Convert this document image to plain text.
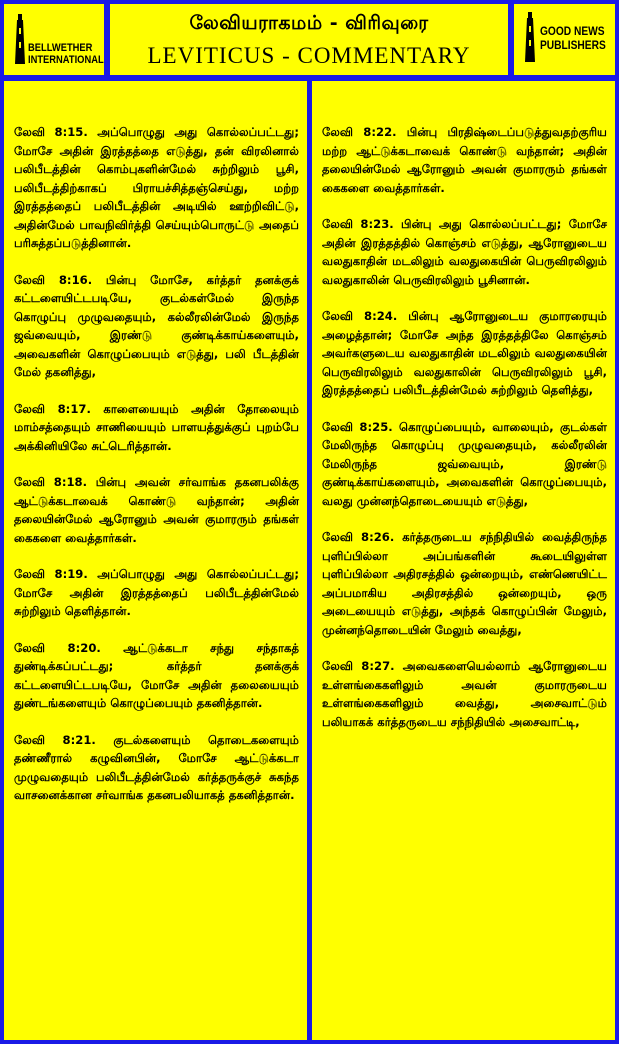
BELLWETHER
INTERNATIONAL
லேவியராகமம் - விரிவுரை
LEVITICUS - COMMENTARY
GOOD NEWS
PUBLISHERS

லேவி 8:15. அப்பொழுது அது கொல்லப்பட்டது; மோசே அதின் இரத்தத்தை எடுத்து, தன் விரலினால் பலிபீடத்தின் கொம்புகளின்மேல் சுற்றிலும் பூசி, பலிபீடத்திற்காகப் பிராயச்சித்தஞ்செய்து, மற்ற இரத்தத்தைப் பலிபீடத்தின் அடியில் ஊற்றிவிட்டு, அதின்மேல் பாவநிவிர்த்தி செய்யும்பொருட்டு அதைப் பரிசுத்தப்படுத்தினான்.

லேவி 8:16. பின்பு மோசே, கர்த்தர் தனக்குக் கட்டளையிட்டபடியே, குடல்கள்மேல் இருந்த கொழுப்பு முழுவதையும், கல்லீரலின்மேல் இருந்த ஜவ்வையும், இரண்டு குண்டிக்காய்களையும், அவைகளின் கொழுப்பையும் எடுத்து, பலி பீடத்தின் மேல் தகனித்து,

லேவி 8:17. காளையையும் அதின் தோலையும் மாம்சத்தையும் சாணியையும் பாளயத்துக்குப் புறம்பே அக்கினியிலே சுட்டெரித்தான்.

லேவி 8:18. பின்பு அவன் சர்வாங்க தகனபலிக்கு ஆட்டுக்கடாவைக் கொண்டு வந்தான்; அதின் தலையின்மேல் ஆரோனும் அவன் குமாரரும் தங்கள் கைகளை வைத்தார்கள்.

லேவி 8:19. அப்பொழுது அது கொல்லப்பட்டது; மோசே அதின் இரத்தத்தைப் பலிபீடத்தின்மேல் சுற்றிலும் தெளித்தான்.

லேவி 8:20. ஆட்டுக்கடா சந்து சந்தாகத் துண்டிக்கப்பட்டது; கர்த்தர் தனக்குக் கட்டளையிட்டபடியே, மோசே அதின் தலையையும் துண்டங்களையும் கொழுப்பையும் தகனித்தான்.

லேவி 8:21. குடல்களையும் தொடைகளையும் தண்ணீரால் கழுவினபின், மோசே ஆட்டுக்கடா முழுவதையும் பலிபீடத்தின்மேல் கர்த்தருக்குச் சுகந்த வாசனைக்கான சர்வாங்க தகனபலியாகத் தகனித்தான்.

லேவி 8:22. பின்பு பிரதிஷ்டைப்படுத்துவதற்குரிய மற்ற ஆட்டுக்கடாவைக் கொண்டு வந்தான்; அதின் தலையின்மேல் ஆரோனும் அவன் குமாரரும் தங்கள் கைகளை வைத்தார்கள்.

லேவி 8:23. பின்பு அது கொல்லப்பட்டது; மோசே அதின் இரத்தத்தில் கொஞ்சம் எடுத்து, ஆரோனுடைய வலதுகாதின் மடலிலும் வலதுகையின் பெருவிரலிலும் வலதுகாலின் பெருவிரலிலும் பூசினான்.

லேவி 8:24. பின்பு ஆரோனுடைய குமாரரையும் அழைத்தான்; மோசே அந்த இரத்தத்திலே கொஞ்சம் அவர்களுடைய வலதுகாதின் மடலிலும் வலதுகையின் பெருவிரலிலும் வலதுகாலின் பெருவிரலிலும் பூசி, இரத்தத்தைப் பலிபீடத்தின்மேல் சுற்றிலும் தெளித்து,

லேவி 8:25. கொழுப்பையும், வாலையும், குடல்கள் மேலிருந்த கொழுப்பு முழுவதையும், கல்லீரலின் மேலிருந்த ஜவ்வையும், இரண்டு குண்டிக்காய்களையும், அவைகளின் கொழுப்பையும், வலது முன்னந்தொடையையும் எடுத்து,

லேவி 8:26. கர்த்தருடைய சந்நிதியில் வைத்திருந்த புளிப்பில்லா அப்பங்களின் கூடையிலுள்ள புளிப்பில்லா அதிரசத்தில் ஒன்றையும், எண்ணெயிட்ட அப்பமாகிய அதிரசத்தில் ஒன்றையும், ஒரு அடையையும் எடுத்து, அந்தக் கொழுப்பின் மேலும், முன்னந்தொடையின் மேலும் வைத்து,

லேவி 8:27. அவைகளையெல்லாம் ஆரோனுடைய உள்ளங்கைகளிலும் அவன் குமாரருடைய உள்ளங்கைகளிலும் வைத்து, அசைவாட்டும் பலியாகக் கர்த்தருடைய சந்நிதியில் அசைவாட்டி,
